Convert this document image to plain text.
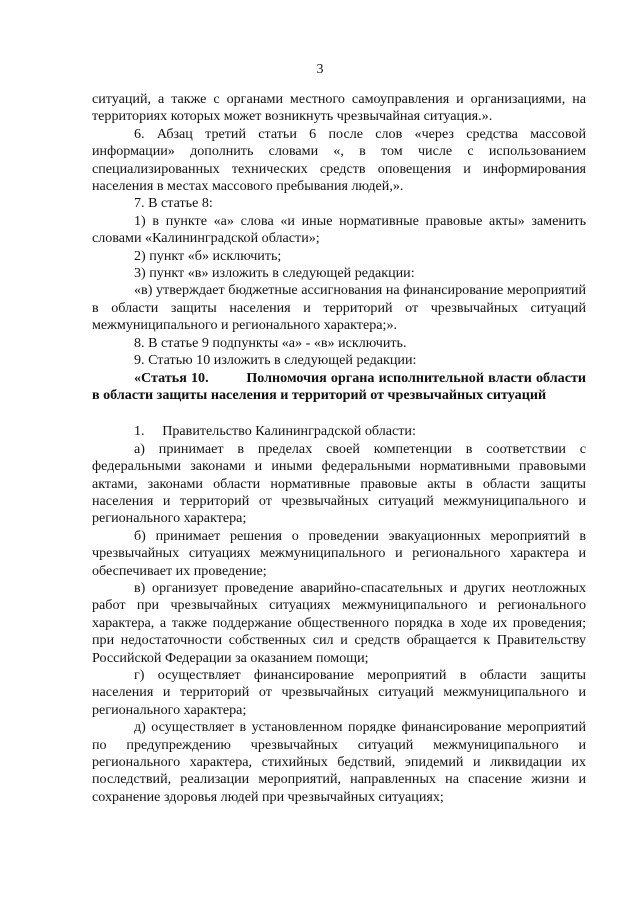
3

ситуаций, а также с органами местного самоуправления и организациями, на территориях которых может возникнуть чрезвычайная ситуация.».

6. Абзац третий статьи 6 после слов «через средства массовой информации» дополнить словами «, в том числе с использованием специализированных технических средств оповещения и информирования населения в местах массового пребывания людей,».

7. В статье 8:

1) в пункте «а» слова «и иные нормативные правовые акты» заменить словами «Калининградской области»;

2) пункт «б» исключить;

3) пункт «в» изложить в следующей редакции:

«в) утверждает бюджетные ассигнования на финансирование мероприятий в области защиты населения и территорий от чрезвычайных ситуаций межмуниципального и регионального характера;».

8. В статье 9 подпункты «а» - «в» исключить.

9. Статью 10 изложить в следующей редакции:

«Статья 10.         Полномочия органа исполнительной власти области в области защиты населения и территорий от чрезвычайных ситуаций

1.     Правительство Калининградской области:

а) принимает в пределах своей компетенции в соответствии с федеральными законами и иными федеральными нормативными правовыми актами, законами области нормативные правовые акты в области защиты населения и территорий от чрезвычайных ситуаций межмуниципального и регионального характера;

б) принимает решения о проведении эвакуационных мероприятий в чрезвычайных ситуациях межмуниципального и регионального характера и обеспечивает их проведение;

в) организует проведение аварийно-спасательных и других неотложных работ при чрезвычайных ситуациях межмуниципального и регионального характера, а также поддержание общественного порядка в ходе их проведения; при недостаточности собственных сил и средств обращается к Правительству Российской Федерации за оказанием помощи;

г) осуществляет финансирование мероприятий в области защиты населения и территорий от чрезвычайных ситуаций межмуниципального и регионального характера;

д) осуществляет в установленном порядке финансирование мероприятий по предупреждению чрезвычайных ситуаций межмуниципального и регионального характера, стихийных бедствий, эпидемий и ликвидации их последствий, реализации мероприятий, направленных на спасение жизни и сохранение здоровья людей при чрезвычайных ситуациях;
